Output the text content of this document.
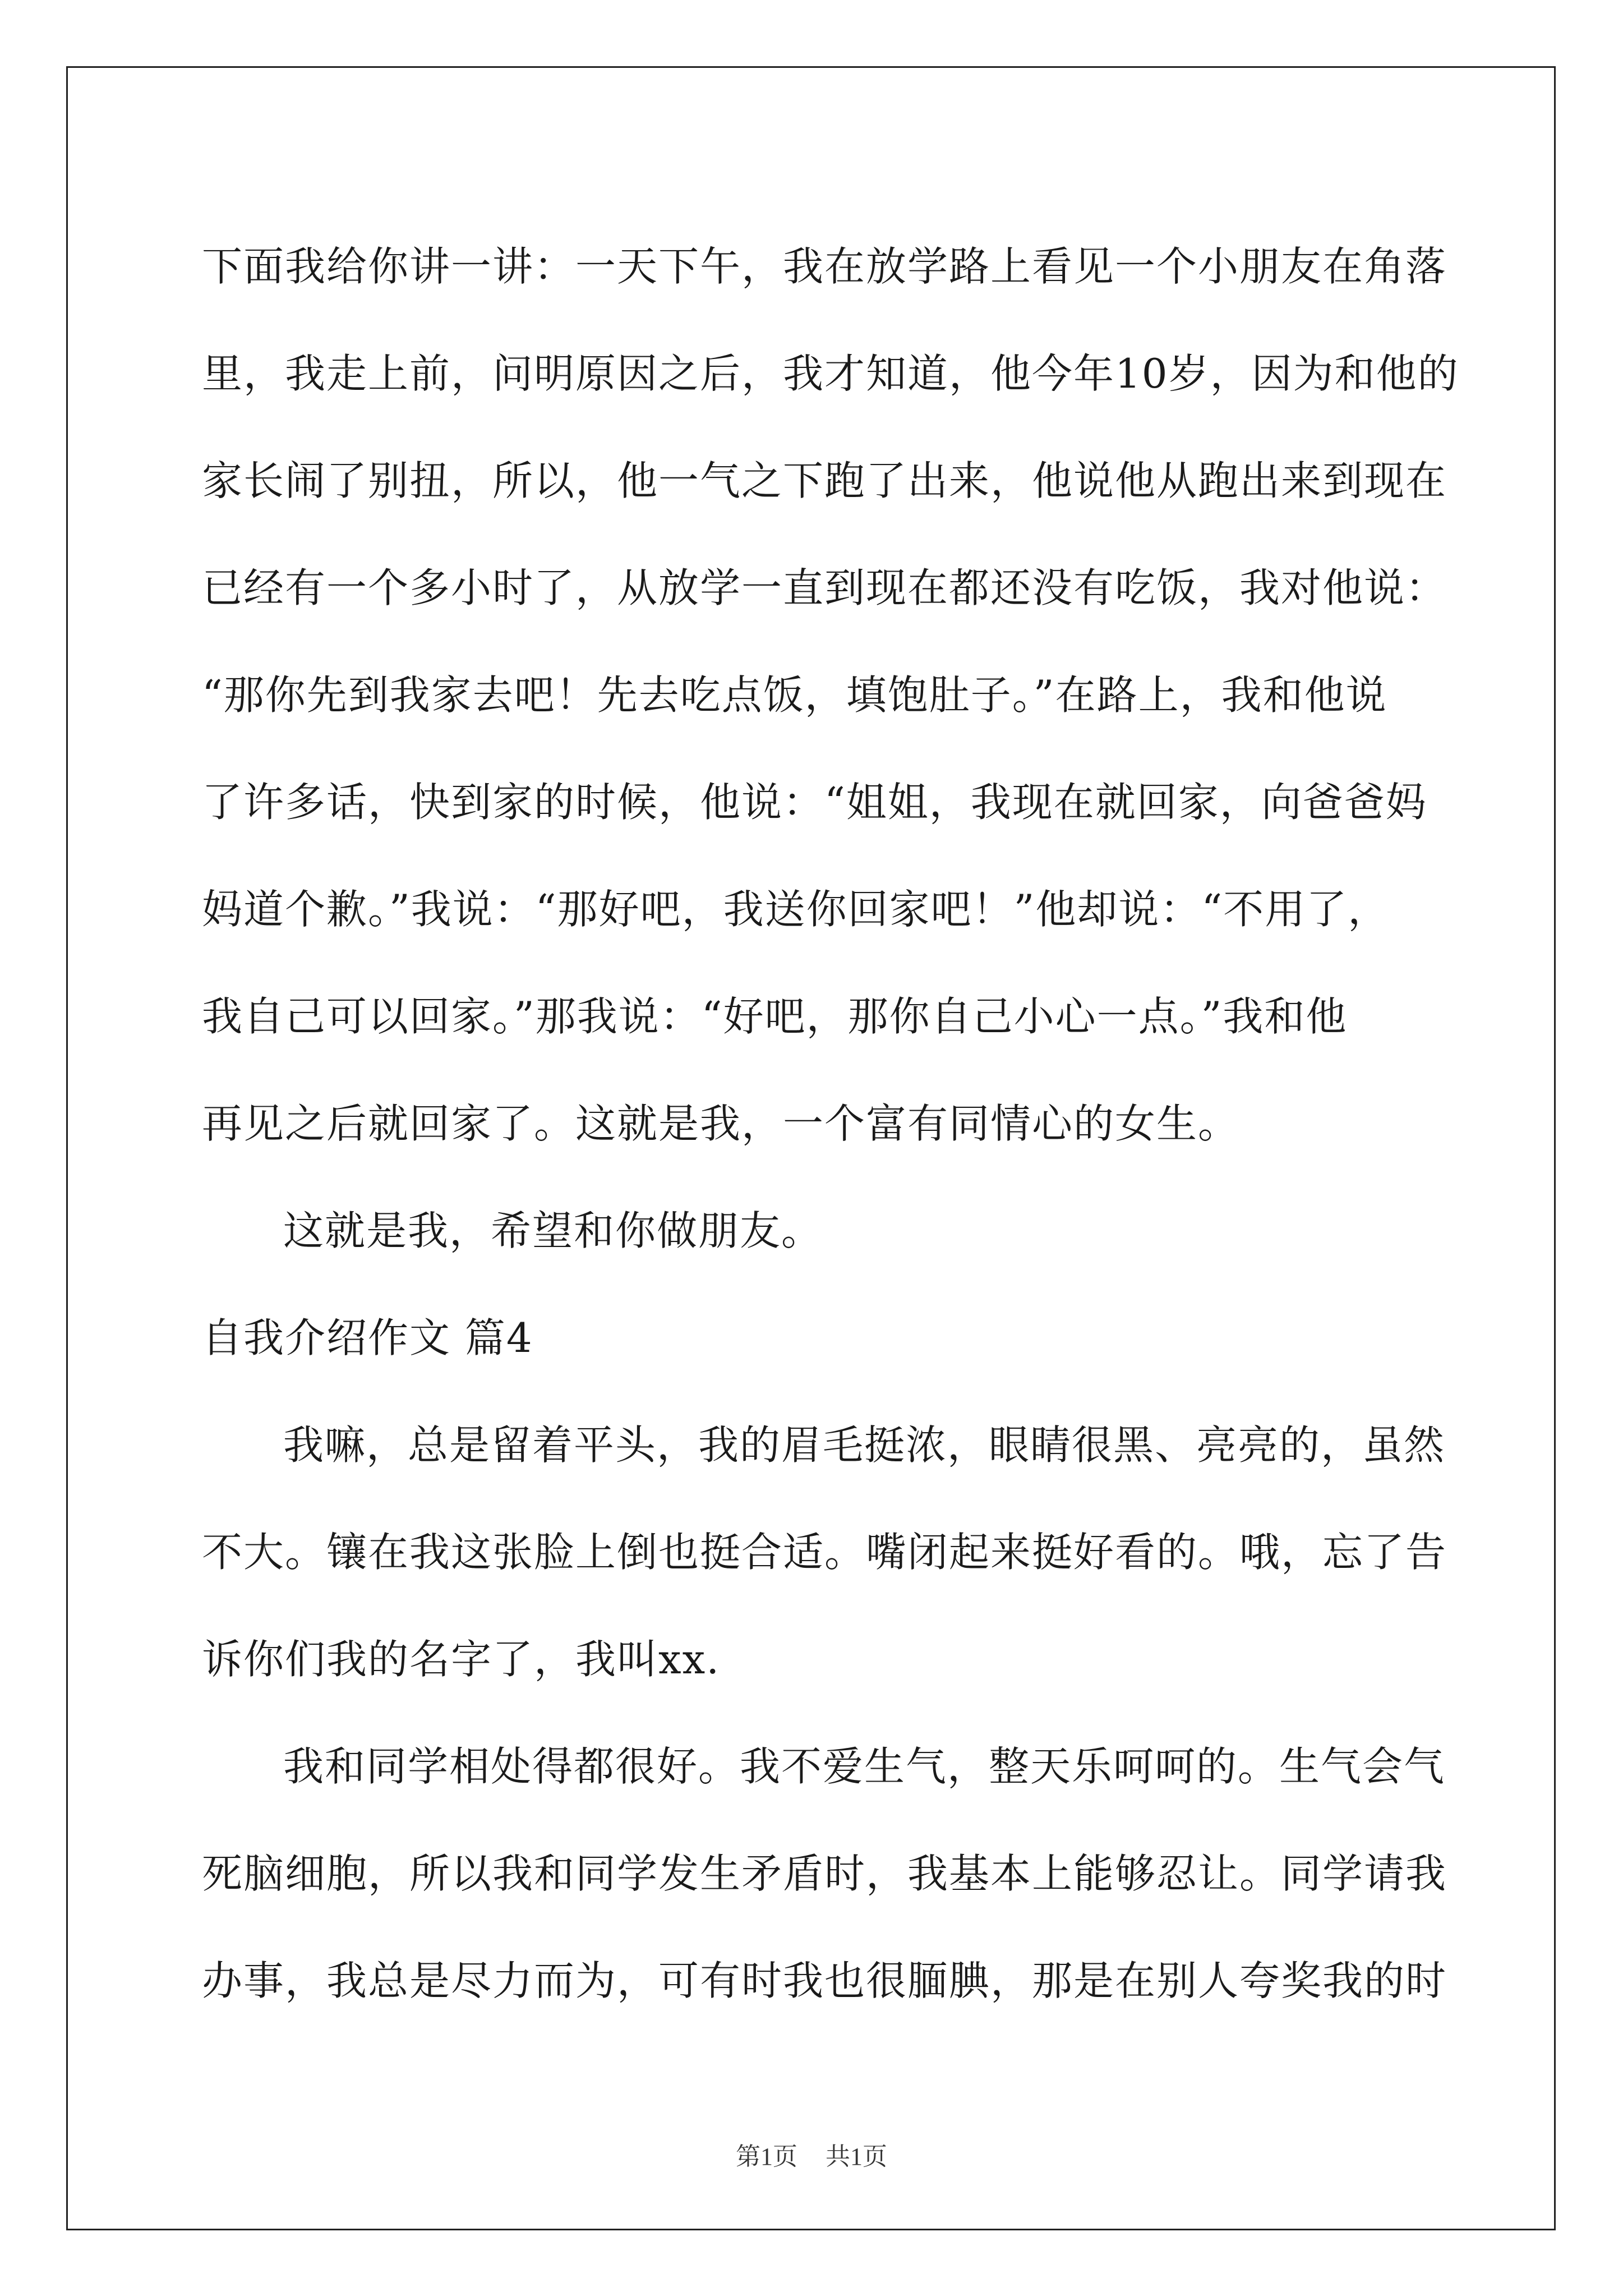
下面我给你讲一讲：一天下午，我在放学路上看见一个小朋友在角落
里，我走上前，问明原因之后，我才知道，他今年10岁，因为和他的
家长闹了别扭，所以，他一气之下跑了出来，他说他从跑出来到现在
已经有一个多小时了，从放学一直到现在都还没有吃饭，我对他说：
“那你先到我家去吧！先去吃点饭，填饱肚子。”在路上，我和他说
了许多话，快到家的时候，他说：“姐姐，我现在就回家，向爸爸妈
妈道个歉。”我说：“那好吧，我送你回家吧！”他却说：“不用了，
我自己可以回家。”那我说：“好吧，那你自己小心一点。”我和他
再见之后就回家了。这就是我，一个富有同情心的女生。
这就是我，希望和你做朋友。
自我介绍作文 篇4
我嘛，总是留着平头，我的眉毛挺浓，眼睛很黑、亮亮的，虽然
不大。镶在我这张脸上倒也挺合适。嘴闭起来挺好看的。哦，忘了告
诉你们我的名字了，我叫xx.
我和同学相处得都很好。我不爱生气，整天乐呵呵的。生气会气
死脑细胞，所以我和同学发生矛盾时，我基本上能够忍让。同学请我
办事，我总是尽力而为，可有时我也很腼腆，那是在别人夸奖我的时
第1页 共1页
